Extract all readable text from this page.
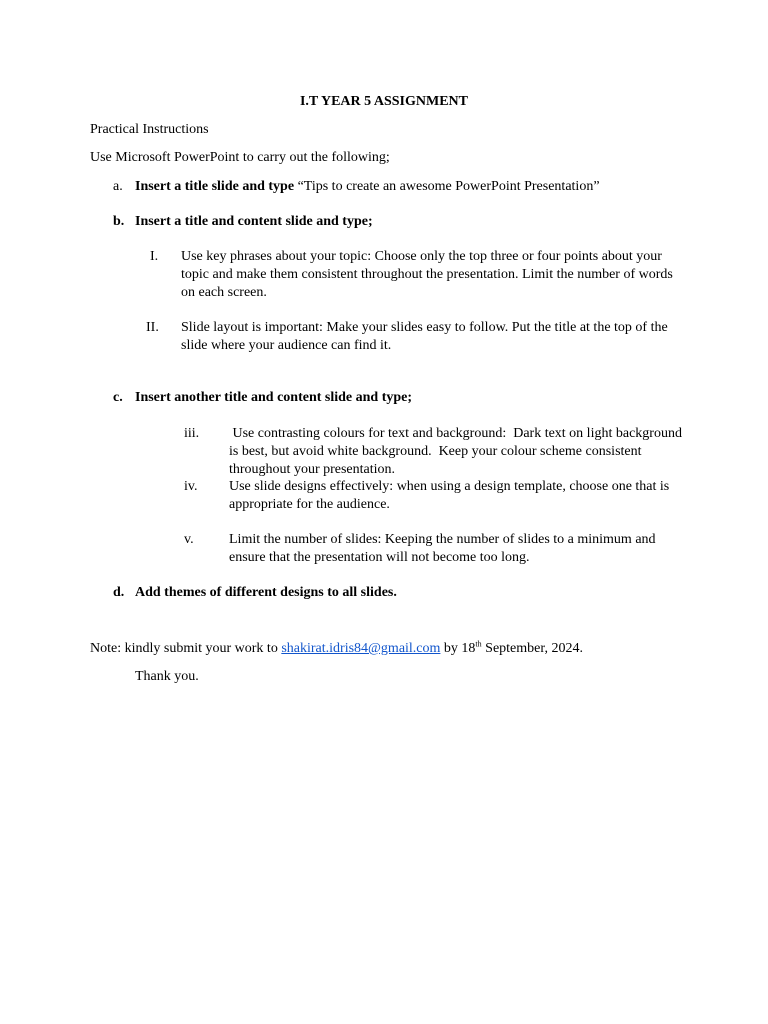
I.T YEAR 5 ASSIGNMENT
Practical Instructions
Use Microsoft PowerPoint to carry out the following;
a. Insert a title slide and type “Tips to create an awesome PowerPoint Presentation”
b. Insert a title and content slide and type;
I. Use key phrases about your topic: Choose only the top three or four points about your
topic and make them consistent throughout the presentation. Limit the number of words
on each screen.
II. Slide layout is important: Make your slides easy to follow. Put the title at the top of the
slide where your audience can find it.
c. Insert another title and content slide and type;
iii. Use contrasting colours for text and background:  Dark text on light background
is best, but avoid white background.  Keep your colour scheme consistent
throughout your presentation.
iv. Use slide designs effectively: when using a design template, choose one that is
appropriate for the audience.
v.	Limit the number of slides: Keeping the number of slides to a minimum and
ensure that the presentation will not become too long.
d. Add themes of different designs to all slides.
Note: kindly submit your work to shakirat.idris84@gmail.com by 18th September, 2024.
Thank you.
